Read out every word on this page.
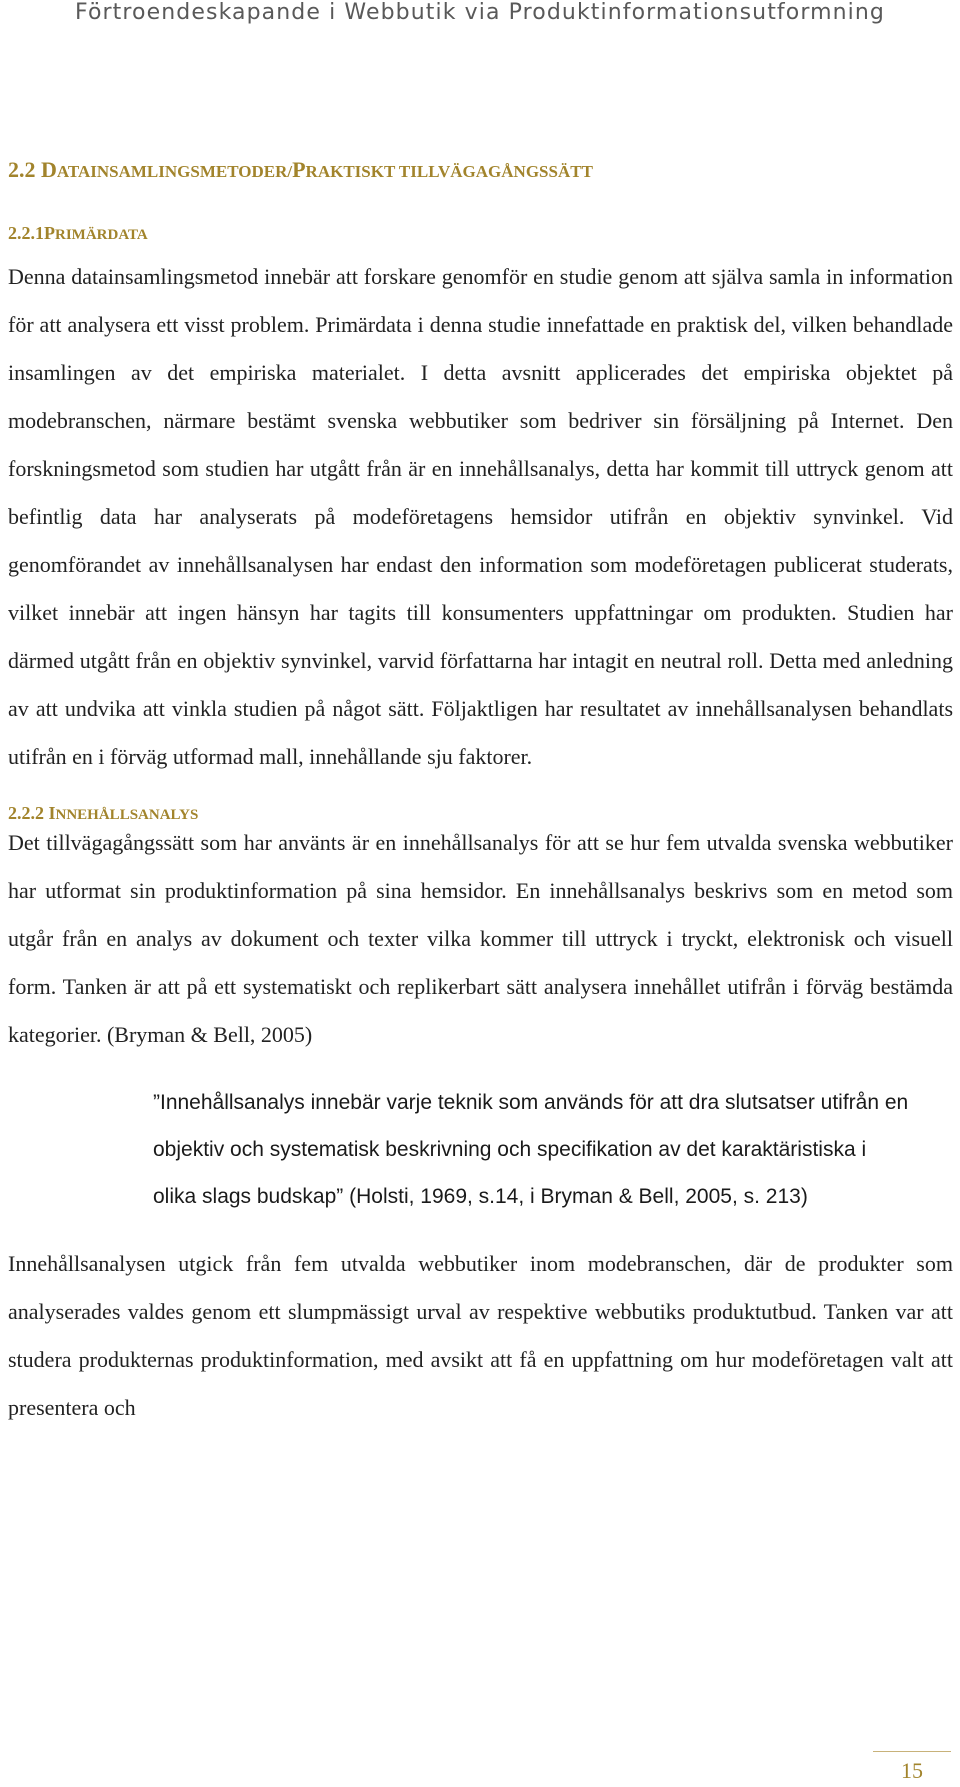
Förtroendeskapande i Webbutik via Produktinformationsutformning
2.2 DATAINSAMLINGSMETODER/PRAKTISKT TILLVÄGAGÅNGSSÄTT
2.2.1PRIMÄRDATA

Denna datainsamlingsmetod innebär att forskare genomför en studie genom att själva samla in information för att analysera ett visst problem. Primärdata i denna studie innefattade en praktisk del, vilken behandlade insamlingen av det empiriska materialet. I detta avsnitt applicerades det empiriska objektet på modebranschen, närmare bestämt svenska webbutiker som bedriver sin försäljning på Internet. Den forskningsmetod som studien har utgått från är en innehållsanalys, detta har kommit till uttryck genom att befintlig data har analyserats på modeföretagens hemsidor utifrån en objektiv synvinkel. Vid genomförandet av innehållsanalysen har endast den information som modeföretagen publicerat studerats, vilket innebär att ingen hänsyn har tagits till konsumenters uppfattningar om produkten. Studien har därmed utgått från en objektiv synvinkel, varvid författarna har intagit en neutral roll. Detta med anledning av att undvika att vinkla studien på något sätt. Följaktligen har resultatet av innehållsanalysen behandlats utifrån en i förväg utformad mall, innehållande sju faktorer.

2.2.2 INNEHÅLLSANALYS

Det tillvägagångssätt som har använts är en innehållsanalys för att se hur fem utvalda svenska webbutiker har utformat sin produktinformation på sina hemsidor. En innehållsanalys beskrivs som en metod som utgår från en analys av dokument och texter vilka kommer till uttryck i tryckt, elektronisk och visuell form. Tanken är att på ett systematiskt och replikerbart sätt analysera innehållet utifrån i förväg bestämda kategorier. (Bryman & Bell, 2005)

”Innehållsanalys innebär varje teknik som används för att dra slutsatser utifrån en objektiv och systematisk beskrivning och specifikation av det karaktäristiska i olika slags budskap” (Holsti, 1969, s.14, i Bryman & Bell, 2005, s. 213)

Innehållsanalysen utgick från fem utvalda webbutiker inom modebranschen, där de produkter som analyserades valdes genom ett slumpmässigt urval av respektive webbutiks produktutbud. Tanken var att studera produkternas produktinformation, med avsikt att få en uppfattning om hur modeföretagen valt att presentera och

15
